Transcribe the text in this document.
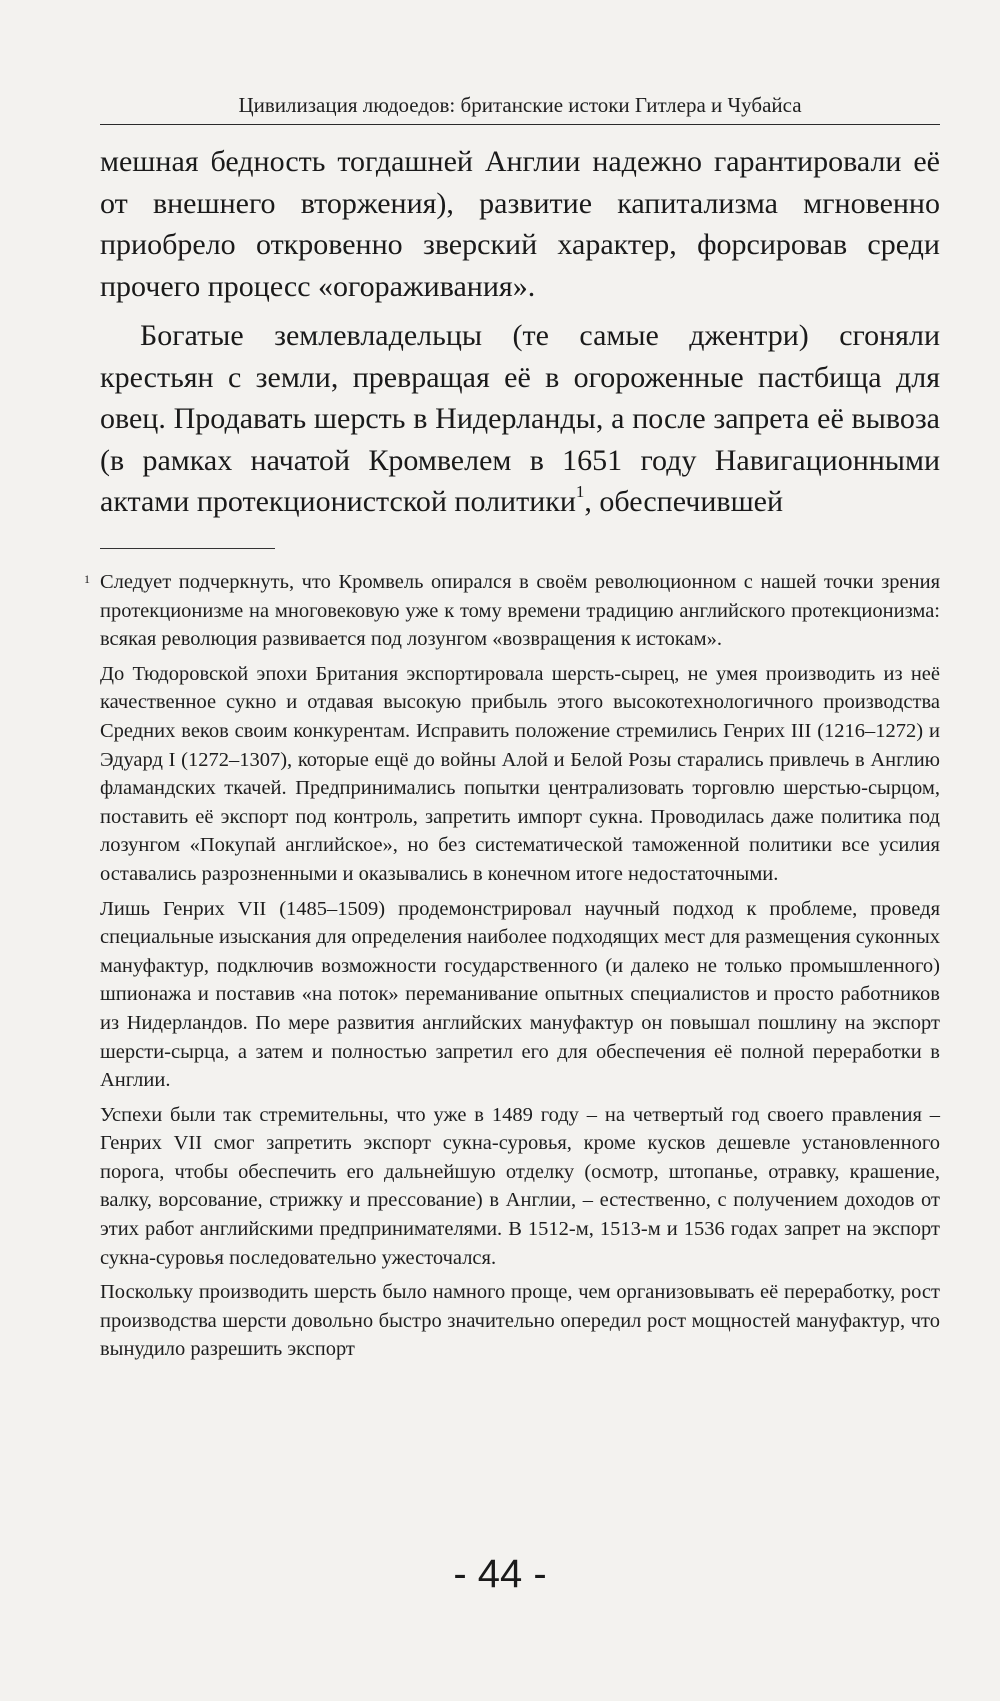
Цивилизация людоедов: британские истоки Гитлера и Чубайса

мешная бедность тогдашней Англии надежно гарантировали её от внешнего вторжения), развитие капитализма мгновенно приобрело откровенно зверский характер, форсировав среди прочего процесс «огораживания».

Богатые землевладельцы (те самые джентри) сгоняли крестьян с земли, превращая её в огороженные пастбища для овец. Продавать шерсть в Нидерланды, а после запрета её вывоза (в рамках начатой Кромвелем в 1651 году Навигационными актами протекционистской политики$^1$, обеспечившей

1 Следует подчеркнуть, что Кромвель опирался в своём революционном с нашей точки зрения протекционизме на многовековую уже к тому времени традицию английского протекционизма: всякая революция развивается под лозунгом «возвращения к истокам».

До Тюдоровской эпохи Британия экспортировала шерсть-сырец, не умея производить из неё качественное сукно и отдавая высокую прибыль этого высокотехнологичного производства Средних веков своим конкурентам. Исправить положение стремились Генрих III (1216–1272) и Эдуард I (1272–1307), которые ещё до войны Алой и Белой Розы старались привлечь в Англию фламандских ткачей. Предпринимались попытки централизовать торговлю шерстью-сырцом, поставить её экспорт под контроль, запретить импорт сукна. Проводилась даже политика под лозунгом «Покупай английское», но без систематической таможенной политики все усилия оставались разрозненными и оказывались в конечном итоге недостаточными.

Лишь Генрих VII (1485–1509) продемонстрировал научный подход к проблеме, проведя специальные изыскания для определения наиболее подходящих мест для размещения суконных мануфактур, подключив возможности государственного (и далеко не только промышленного) шпионажа и поставив «на поток» переманивание опытных специалистов и просто работников из Нидерландов. По мере развития английских мануфактур он повышал пошлину на экспорт шерсти-сырца, а затем и полностью запретил его для обеспечения её полной переработки в Англии.

Успехи были так стремительны, что уже в 1489 году – на четвертый год своего правления – Генрих VII смог запретить экспорт сукна-суровья, кроме кусков дешевле установленного порога, чтобы обеспечить его дальнейшую отделку (осмотр, штопанье, отравку, крашение, валку, ворсование, стрижку и прессование) в Англии, – естественно, с получением доходов от этих работ английскими предпринимателями. В 1512-м, 1513-м и 1536 годах запрет на экспорт сукна-суровья последовательно ужесточался.

Поскольку производить шерсть было намного проще, чем организовывать её переработку, рост производства шерсти довольно быстро значительно опередил рост мощностей мануфактур, что вынудило разрешить экспорт

- 44 -
